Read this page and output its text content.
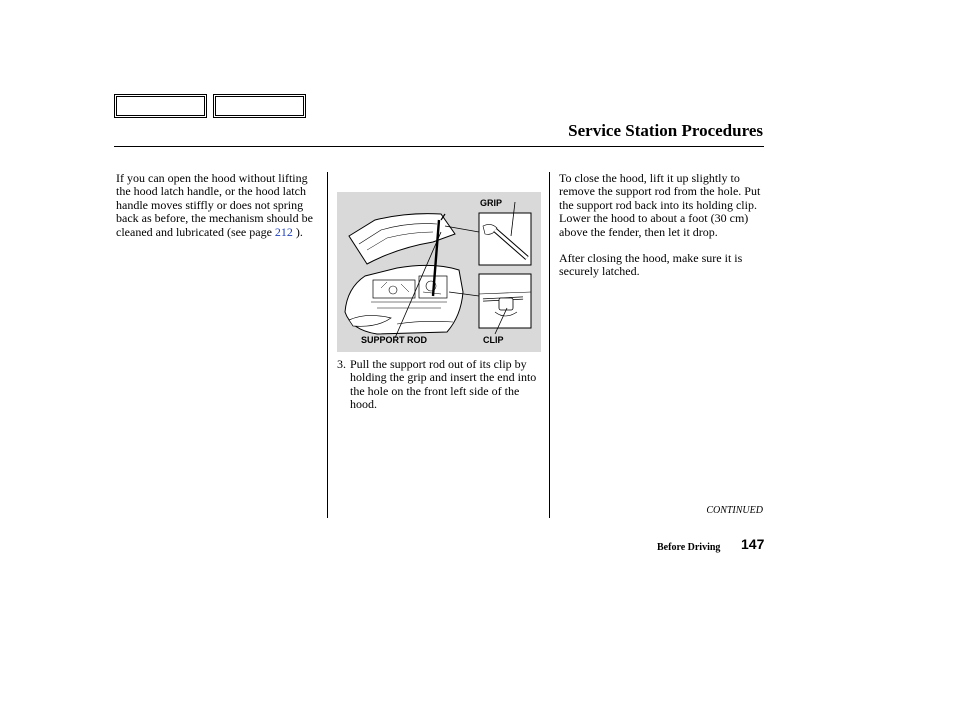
Service Station Procedures

If you can open the hood without lifting the hood latch handle, or the hood latch handle moves stiffly or does not spring back as before, the mechanism should be cleaned and lubricated (see page 212 ).

GRIP
SUPPORT ROD	CLIP
3. Pull the support rod out of its clip by holding the grip and insert the end into the hole on the front left side of the hood.

To close the hood, lift it up slightly to remove the support rod from the hole. Put the support rod back into its holding clip. Lower the hood to about a foot (30 cm) above the fender, then let it drop.

After closing the hood, make sure it is securely latched.

CONTINUED
Before Driving 147
